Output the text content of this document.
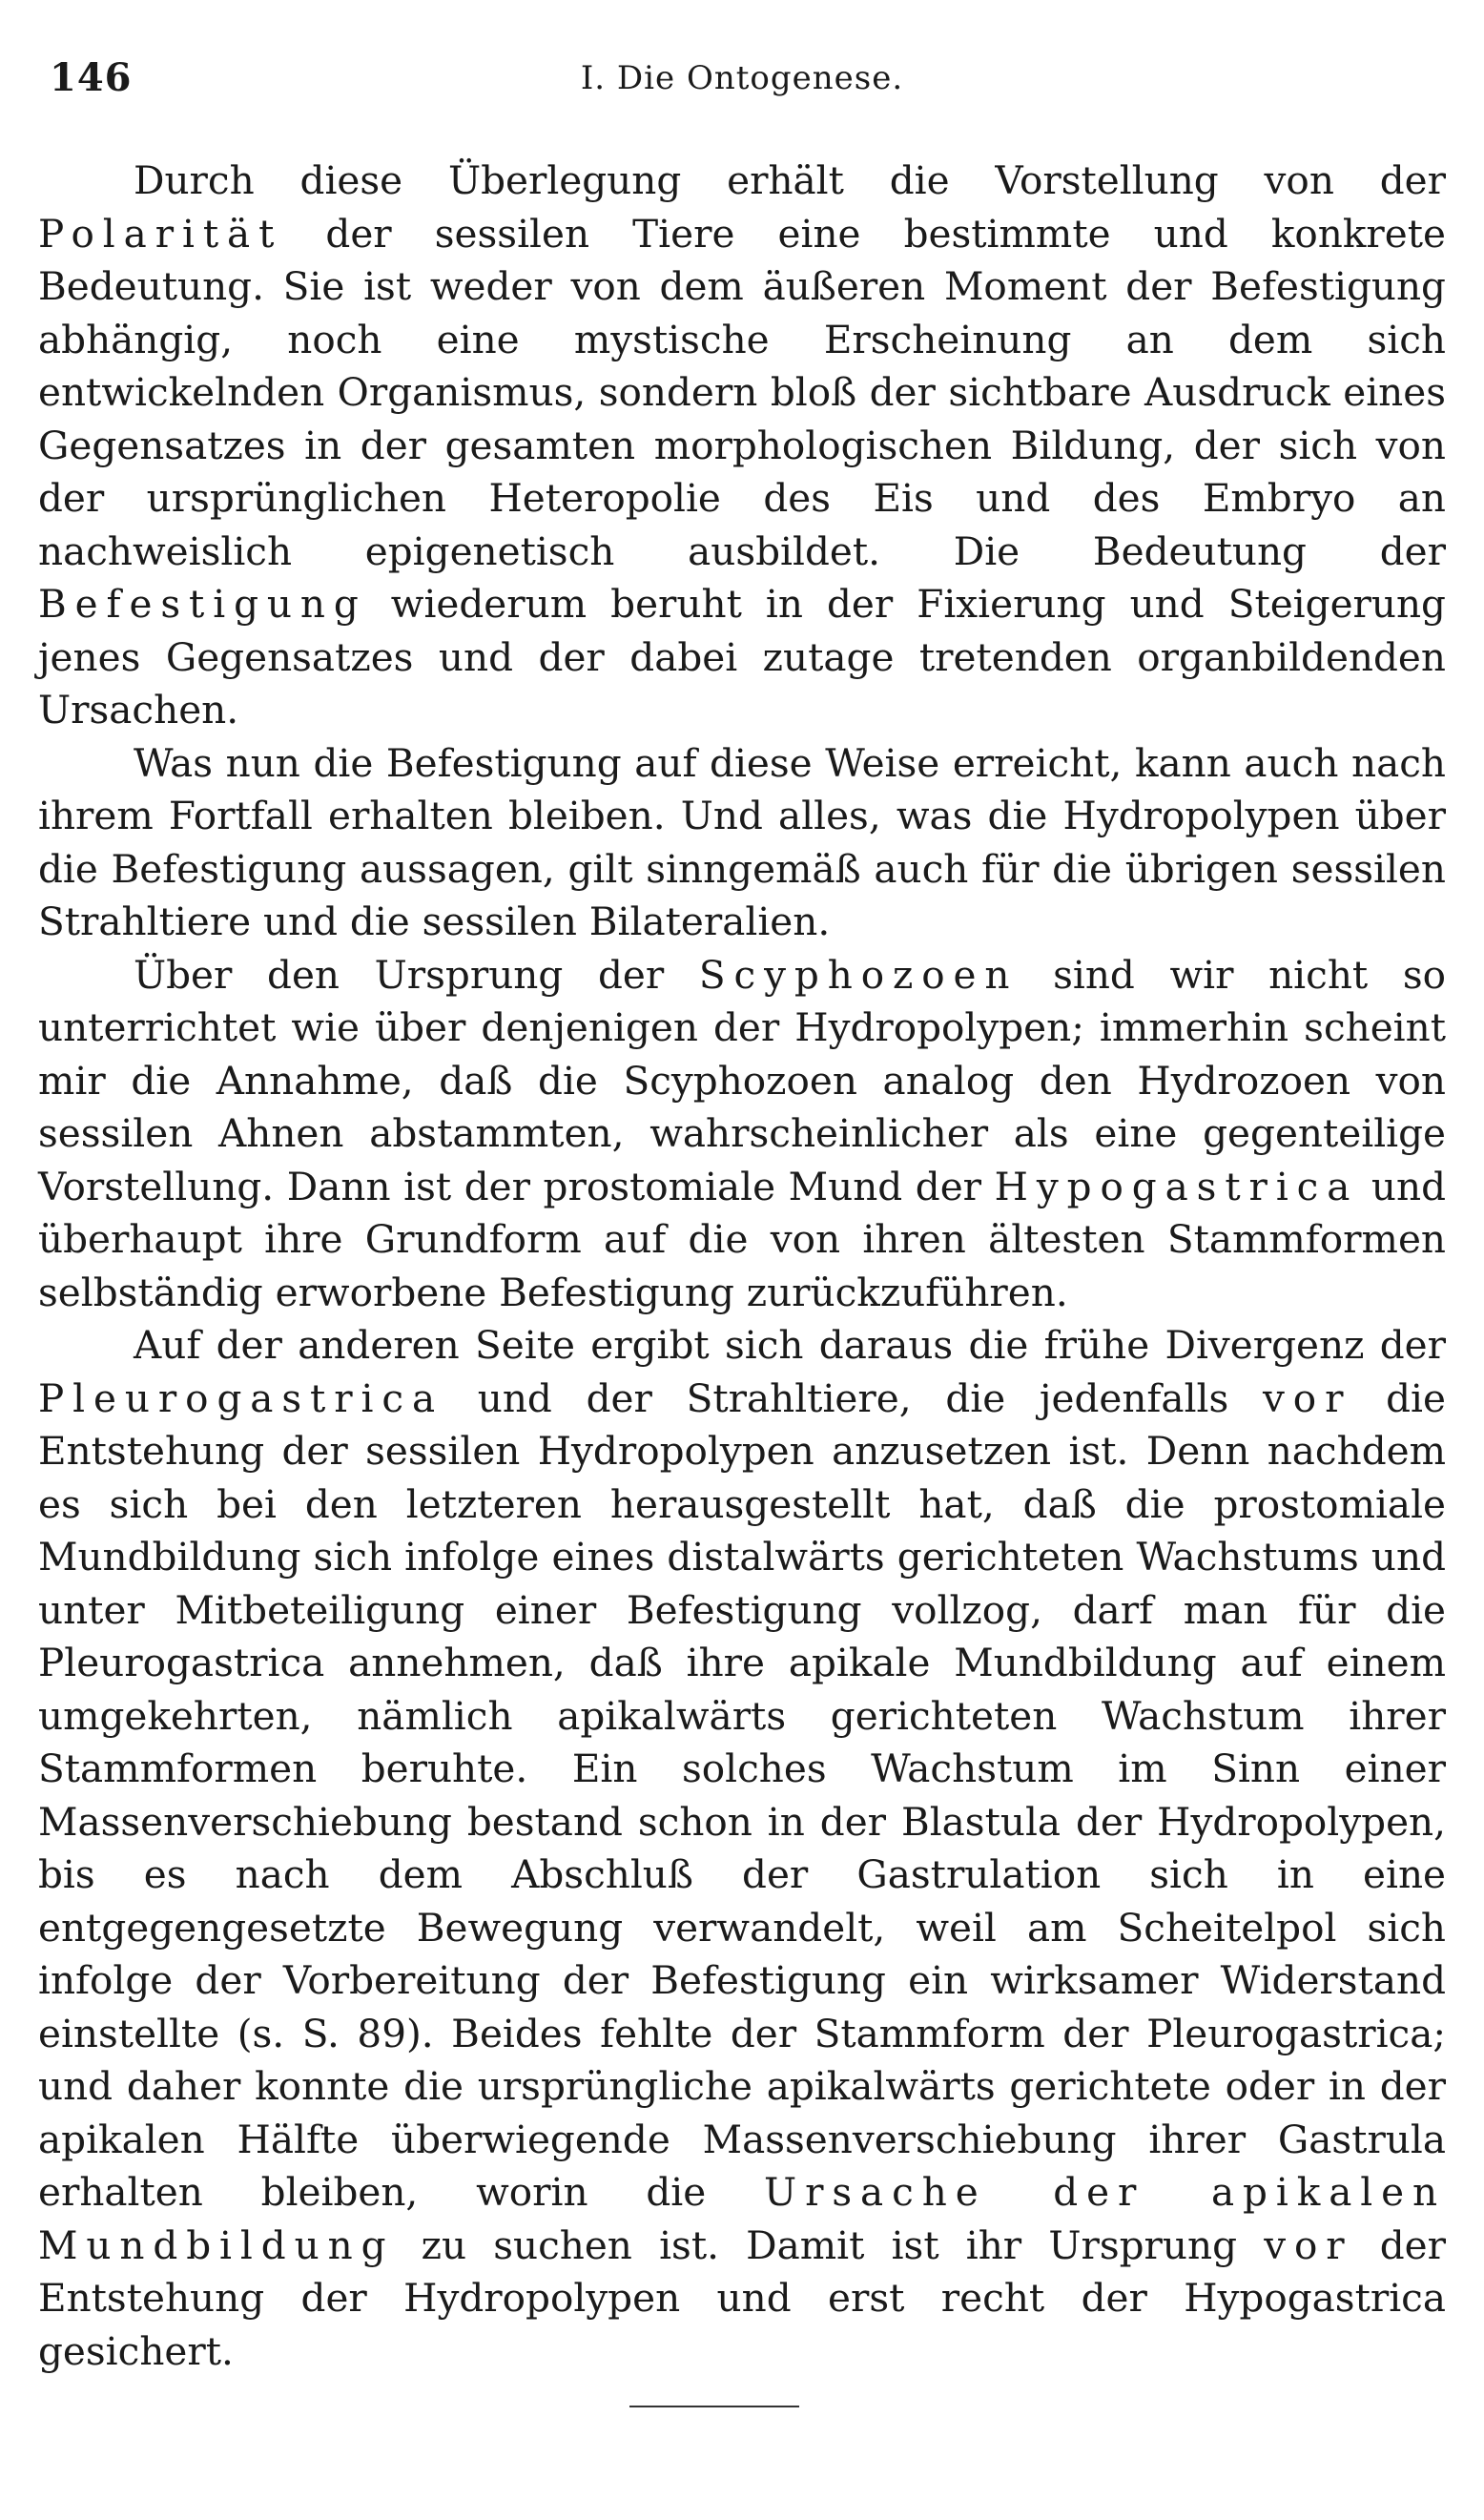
146	I. Die Ontogenese.

Durch diese Überlegung erhält die Vorstellung von der Polarität der sessilen Tiere eine bestimmte und konkrete Bedeutung. Sie ist weder von dem äußeren Moment der Befestigung abhängig, noch eine mystische Erscheinung an dem sich entwickelnden Organismus, sondern bloß der sichtbare Ausdruck eines Gegensatzes in der gesamten morphologischen Bildung, der sich von der ursprünglichen Heteropolie des Eis und des Embryo an nachweislich epigenetisch ausbildet. Die Bedeutung der Befestigung wiederum beruht in der Fixierung und Steigerung jenes Gegensatzes und der dabei zutage tretenden organbildenden Ursachen.

Was nun die Befestigung auf diese Weise erreicht, kann auch nach ihrem Fortfall erhalten bleiben. Und alles, was die Hydropolypen über die Befestigung aussagen, gilt sinngemäß auch für die übrigen sessilen Strahltiere und die sessilen Bilateralien.

Über den Ursprung der Scyphozoen sind wir nicht so unterrichtet wie über denjenigen der Hydropolypen; immerhin scheint mir die Annahme, daß die Scyphozoen analog den Hydrozoen von sessilen Ahnen abstammten, wahrscheinlicher als eine gegenteilige Vorstellung. Dann ist der prostomiale Mund der Hypogastrica und überhaupt ihre Grundform auf die von ihren ältesten Stammformen selbständig erworbene Befestigung zurückzuführen.

Auf der anderen Seite ergibt sich daraus die frühe Divergenz der Pleurogastrica und der Strahltiere, die jedenfalls vor die Entstehung der sessilen Hydropolypen anzusetzen ist. Denn nachdem es sich bei den letzteren herausgestellt hat, daß die prostomiale Mundbildung sich infolge eines distalwärts gerichteten Wachstums und unter Mitbeteiligung einer Befestigung vollzog, darf man für die Pleurogastrica annehmen, daß ihre apikale Mundbildung auf einem umgekehrten, nämlich apikalwärts gerichteten Wachstum ihrer Stammformen beruhte. Ein solches Wachstum im Sinn einer Massenverschiebung bestand schon in der Blastula der Hydropolypen, bis es nach dem Abschluß der Gastrulation sich in eine entgegengesetzte Bewegung verwandelt, weil am Scheitelpol sich infolge der Vorbereitung der Befestigung ein wirksamer Widerstand einstellte (s. S. 89). Beides fehlte der Stammform der Pleurogastrica; und daher konnte die ursprüngliche apikalwärts gerichtete oder in der apikalen Hälfte überwiegende Massenverschiebung ihrer Gastrula erhalten bleiben, worin die Ursache der apikalen Mundbildung zu suchen ist. Damit ist ihr Ursprung vor der Entstehung der Hydropolypen und erst recht der Hypogastrica gesichert.
